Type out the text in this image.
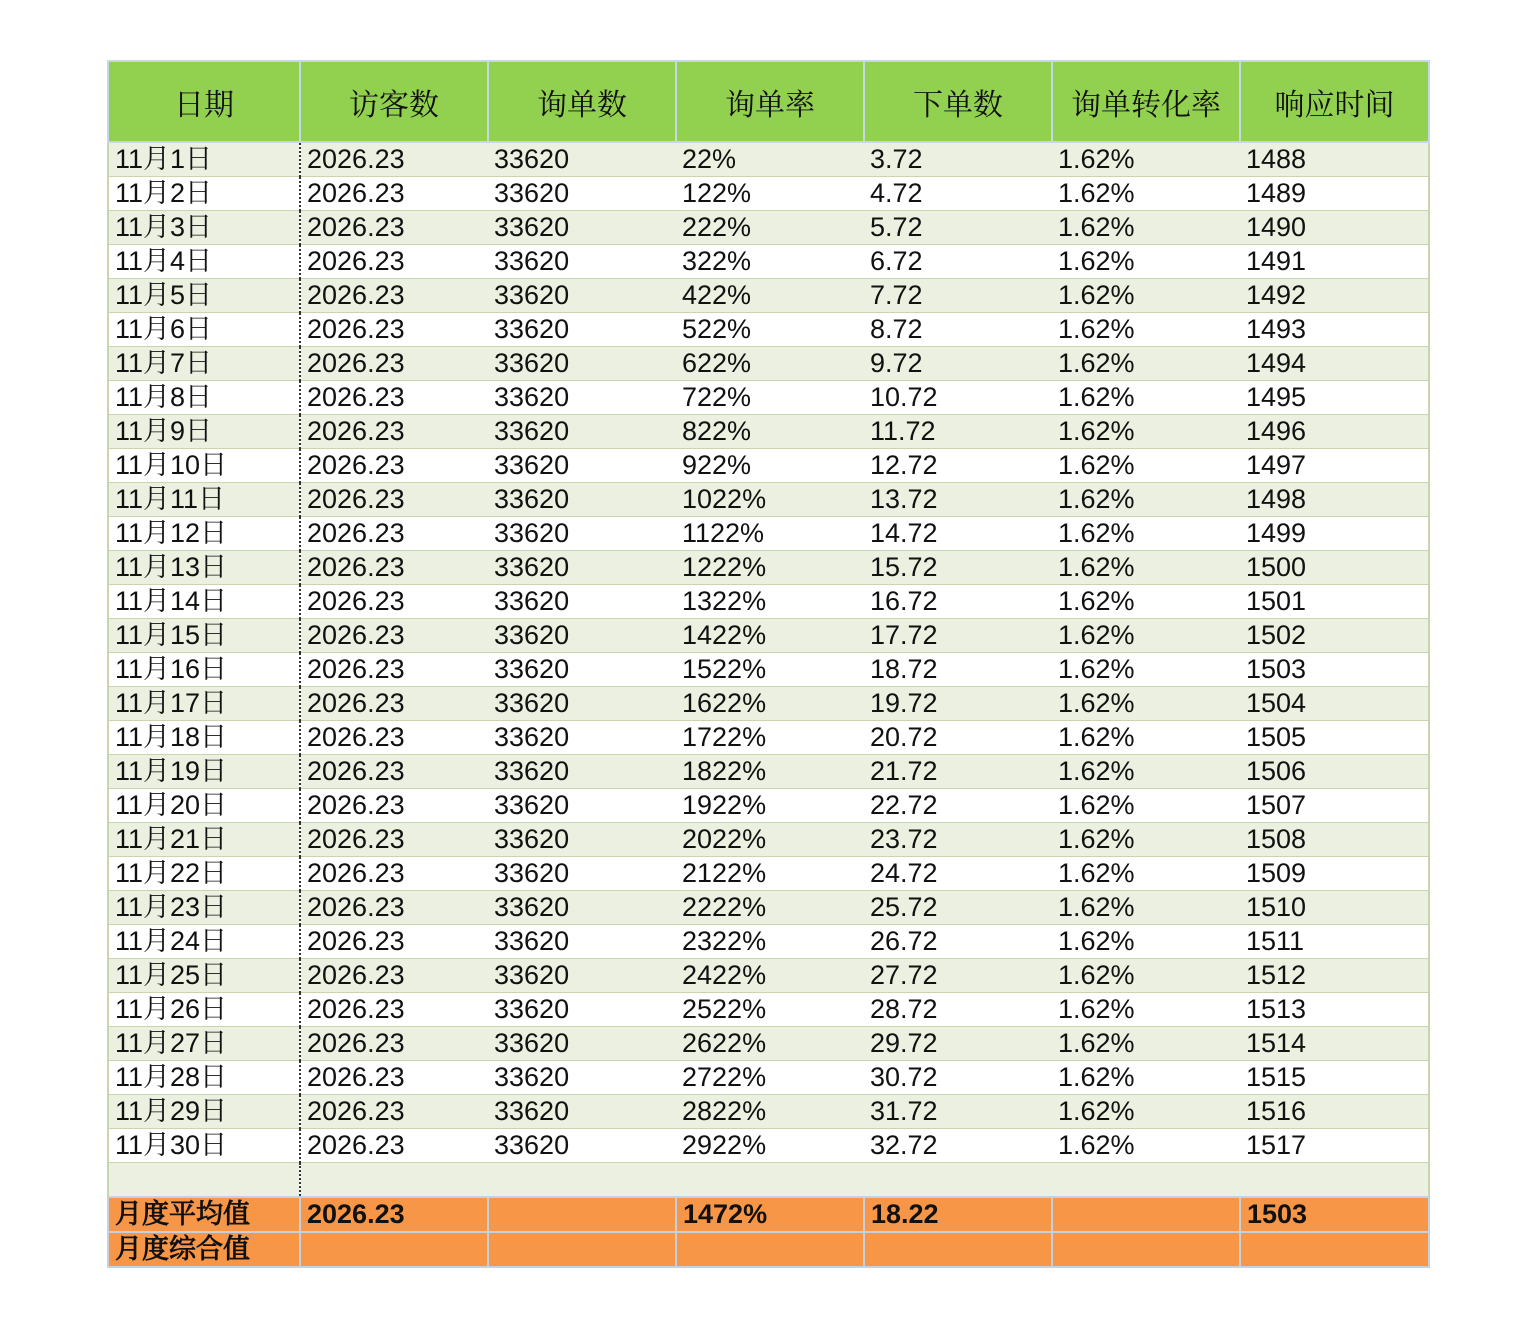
日期	访客数	询单数	询单率	下单数	询单转化率	响应时间
11月1日	2026.23	33620	22%	3.72	1.62%	1488
11月2日	2026.23	33620	122%	4.72	1.62%	1489
11月3日	2026.23	33620	222%	5.72	1.62%	1490
11月4日	2026.23	33620	322%	6.72	1.62%	1491
11月5日	2026.23	33620	422%	7.72	1.62%	1492
11月6日	2026.23	33620	522%	8.72	1.62%	1493
11月7日	2026.23	33620	622%	9.72	1.62%	1494
11月8日	2026.23	33620	722%	10.72	1.62%	1495
11月9日	2026.23	33620	822%	11.72	1.62%	1496
11月10日	2026.23	33620	922%	12.72	1.62%	1497
11月11日	2026.23	33620	1022%	13.72	1.62%	1498
11月12日	2026.23	33620	1122%	14.72	1.62%	1499
11月13日	2026.23	33620	1222%	15.72	1.62%	1500
11月14日	2026.23	33620	1322%	16.72	1.62%	1501
11月15日	2026.23	33620	1422%	17.72	1.62%	1502
11月16日	2026.23	33620	1522%	18.72	1.62%	1503
11月17日	2026.23	33620	1622%	19.72	1.62%	1504
11月18日	2026.23	33620	1722%	20.72	1.62%	1505
11月19日	2026.23	33620	1822%	21.72	1.62%	1506
11月20日	2026.23	33620	1922%	22.72	1.62%	1507
11月21日	2026.23	33620	2022%	23.72	1.62%	1508
11月22日	2026.23	33620	2122%	24.72	1.62%	1509
11月23日	2026.23	33620	2222%	25.72	1.62%	1510
11月24日	2026.23	33620	2322%	26.72	1.62%	1511
11月25日	2026.23	33620	2422%	27.72	1.62%	1512
11月26日	2026.23	33620	2522%	28.72	1.62%	1513
11月27日	2026.23	33620	2622%	29.72	1.62%	1514
11月28日	2026.23	33620	2722%	30.72	1.62%	1515
11月29日	2026.23	33620	2822%	31.72	1.62%	1516
11月30日	2026.23	33620	2922%	32.72	1.62%	1517

月度平均值	2026.23		1472%	18.22		1503
月度综合值						
